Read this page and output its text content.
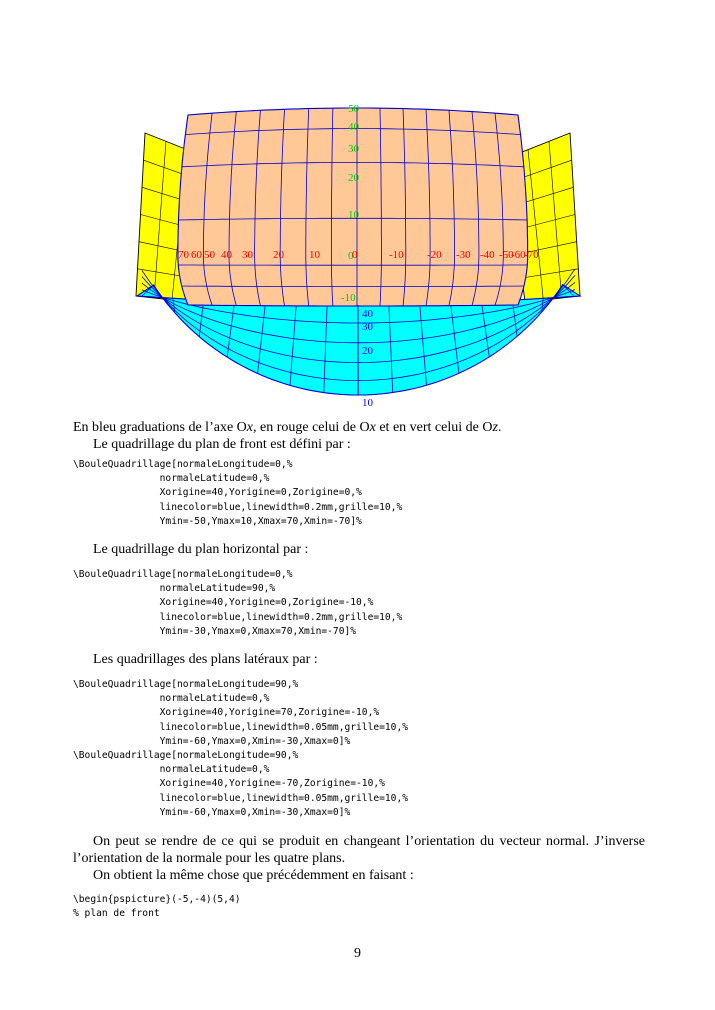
50
40
30
20
10
0
-10
70 60 50 40 30 20 10	0	-10 -20 -30 -40 -50
-60
-70
40
30
20
10

En bleu graduations de l’axe Ox, en rouge celui de Ox et en vert celui de Oz.

Le quadrillage du plan de front est défini par :

\BouleQuadrillage[normaleLongitude=0,%
normaleLatitude=0,%
Xorigine=40,Yorigine=0,Zorigine=0,%
linecolor=blue,linewidth=0.2mm,grille=10,%
Ymin=-50,Ymax=10,Xmax=70,Xmin=-70]%

Le quadrillage du plan horizontal par :

\BouleQuadrillage[normaleLongitude=0,%
normaleLatitude=90,%
Xorigine=40,Yorigine=0,Zorigine=-10,%
linecolor=blue,linewidth=0.2mm,grille=10,%
Ymin=-30,Ymax=0,Xmax=70,Xmin=-70]%

Les quadrillages des plans latéraux par :

\BouleQuadrillage[normaleLongitude=90,%
normaleLatitude=0,%
Xorigine=40,Yorigine=70,Zorigine=-10,%
linecolor=blue,linewidth=0.05mm,grille=10,%
Ymin=-60,Ymax=0,Xmin=-30,Xmax=0]%
\BouleQuadrillage[normaleLongitude=90,%
normaleLatitude=0,%
Xorigine=40,Yorigine=-70,Zorigine=-10,%
linecolor=blue,linewidth=0.05mm,grille=10,%
Ymin=-60,Ymax=0,Xmin=-30,Xmax=0]%

On peut se rendre de ce qui se produit en changeant l’orientation du vecteur normal. J’inverse l’orientation de la normale pour les quatre plans.

On obtient la même chose que précédemment en faisant :

\begin{pspicture}(-5,-4)(5,4)
% plan de front
9
